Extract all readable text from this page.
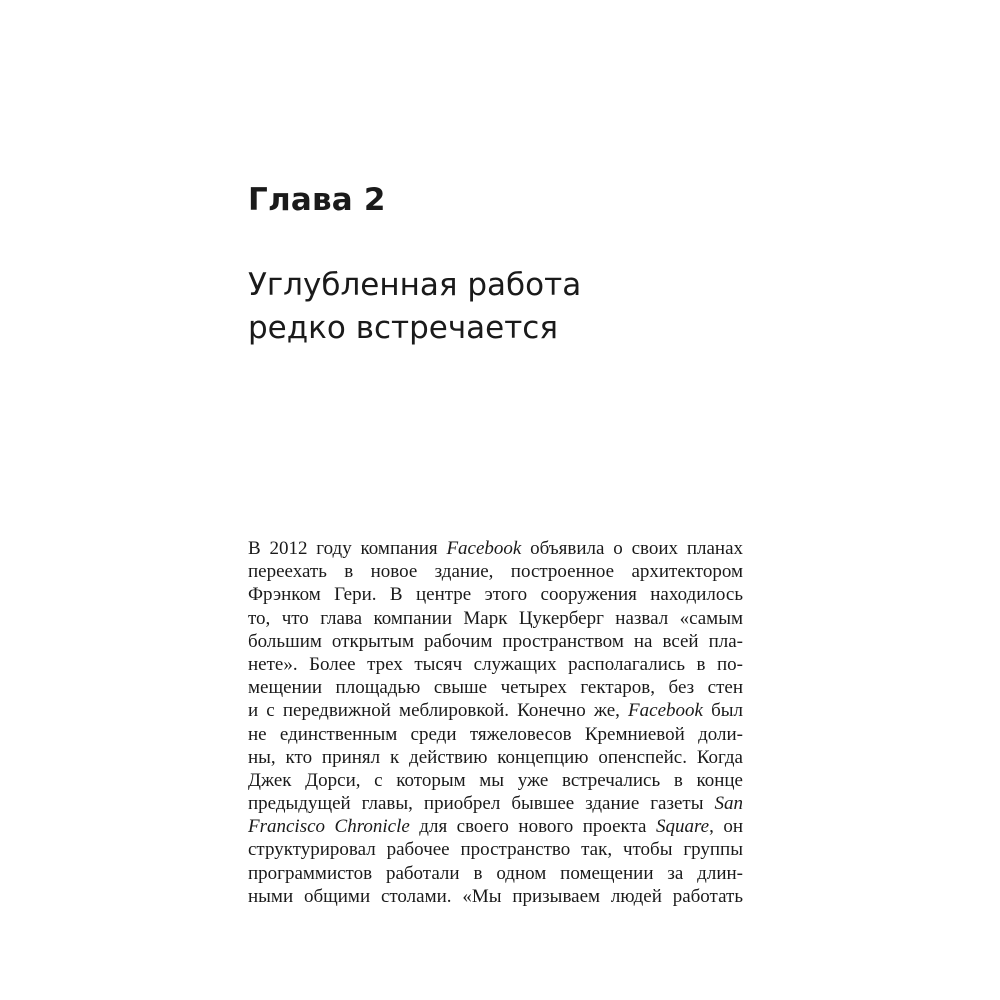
Глава 2
Углубленная работа
редко встречается
В 2012 году компания Facebook объявила о своих планах
переехать в новое здание, построенное архитектором
Фрэнком Гери. В центре этого сооружения находилось
то, что глава компании Марк Цукерберг назвал «самым
большим открытым рабочим пространством на всей пла-
нете». Более трех тысяч служащих располагались в по-
мещении площадью свыше четырех гектаров, без стен
и с передвижной меблировкой. Конечно же, Facebook был
не единственным среди тяжеловесов Кремниевой доли-
ны, кто принял к действию концепцию опенспейс. Когда
Джек Дорси, с которым мы уже встречались в конце
предыдущей главы, приобрел бывшее здание газеты San
Francisco Chronicle для своего нового проекта Square, он
структурировал рабочее пространство так, чтобы группы
программистов работали в одном помещении за длин-
ными общими столами. «Мы призываем людей работать
